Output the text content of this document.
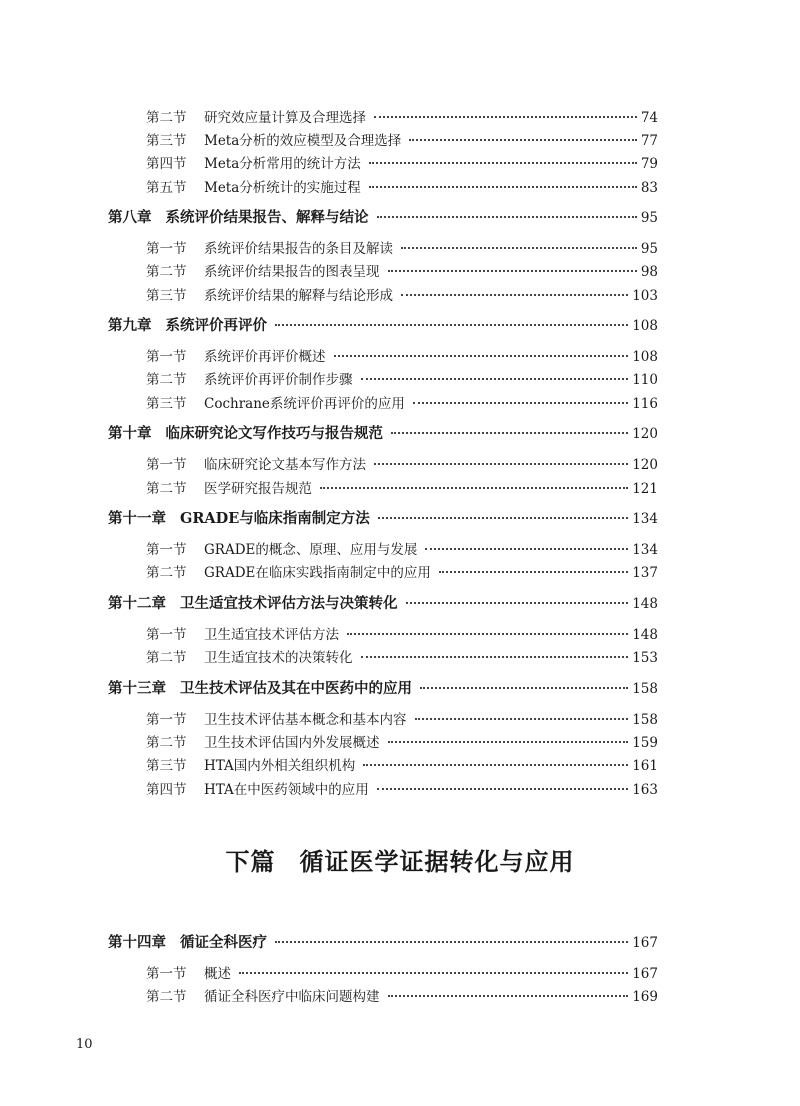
第二节	研究效应量计算及合理选择	74
第三节	Meta分析的效应模型及合理选择	77
第四节	Meta分析常用的统计方法	79
第五节	Meta分析统计的实施过程	83
第八章 系统评价结果报告、解释与结论	95
第一节	系统评价结果报告的条目及解读	95
第二节	系统评价结果报告的图表呈现	98
第三节	系统评价结果的解释与结论形成	103
第九章 系统评价再评价	108
第一节	系统评价再评价概述	108
第二节	系统评价再评价制作步骤	110
第三节	Cochrane系统评价再评价的应用	116
第十章 临床研究论文写作技巧与报告规范	120
第一节	临床研究论文基本写作方法	120
第二节	医学研究报告规范	121
第十一章 GRADE与临床指南制定方法	134
第一节	GRADE的概念、原理、应用与发展	134
第二节	GRADE在临床实践指南制定中的应用	137
第十二章 卫生适宜技术评估方法与决策转化	148
第一节	卫生适宜技术评估方法	148
第二节	卫生适宜技术的决策转化	153
第十三章 卫生技术评估及其在中医药中的应用	158
第一节	卫生技术评估基本概念和基本内容	158
第二节	卫生技术评估国内外发展概述	159
第三节	HTA国内外相关组织机构	161
第四节	HTA在中医药领域中的应用	163
下篇 循证医学证据转化与应用
第十四章 循证全科医疗	167
第一节	概述	167
第二节	循证全科医疗中临床问题构建	169
10
